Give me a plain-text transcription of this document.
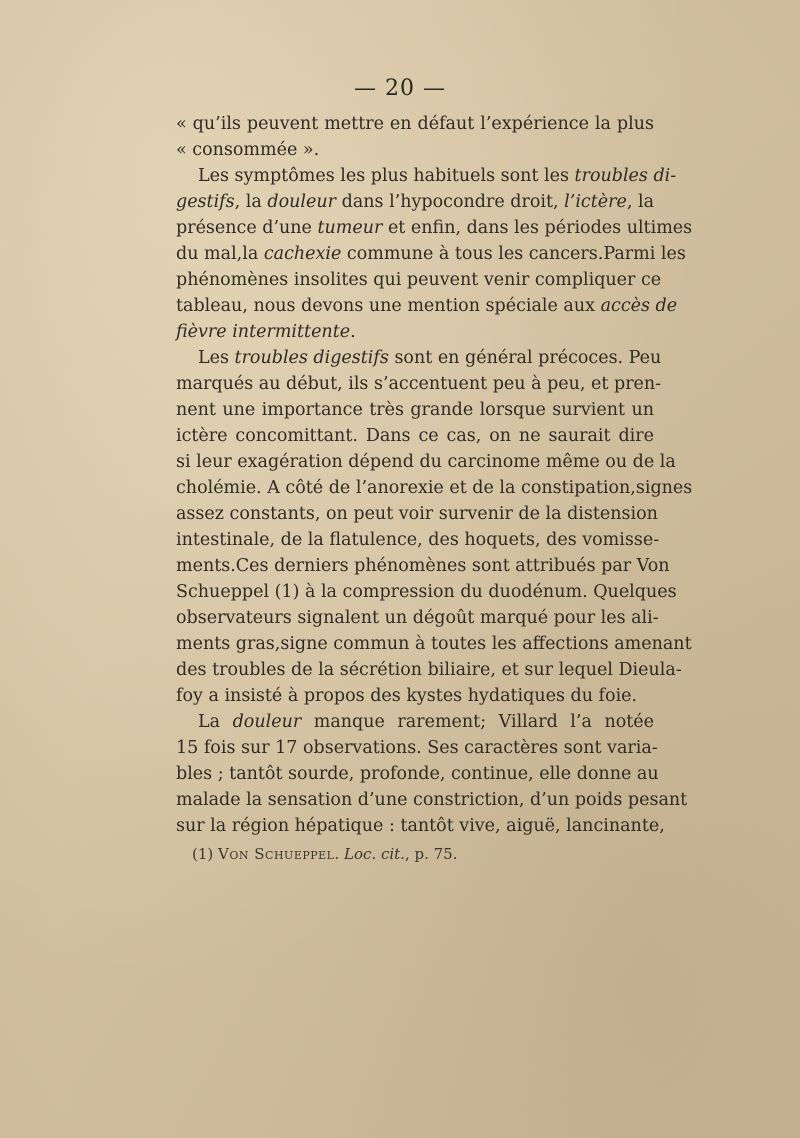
— 20 —
« qu’ils peuvent mettre en défaut l’expérience la plus
« consommée ».
Les symptômes les plus habituels sont les troubles di-
gestifs, la douleur dans l’hypocondre droit, l’ictère, la
présence d’une tumeur et enfin, dans les périodes ultimes
du mal,la cachexie commune à tous les cancers.Parmi les
phénomènes insolites qui peuvent venir compliquer ce
tableau, nous devons une mention spéciale aux accès de
fièvre intermittente.
Les troubles digestifs sont en général précoces. Peu
marqués au début, ils s’accentuent peu à peu, et pren-
nent une importance très grande lorsque survient un
ictère concomittant. Dans ce cas, on ne saurait dire
si leur exagération dépend du carcinome même ou de la
cholémie. A côté de l’anorexie et de la constipation,signes
assez constants, on peut voir survenir de la distension
intestinale, de la flatulence, des hoquets, des vomisse-
ments.Ces derniers phénomènes sont attribués par Von
Schueppel (1) à la compression du duodénum. Quelques
observateurs signalent un dégoût marqué pour les ali-
ments gras,signe commun à toutes les affections amenant
des troubles de la sécrétion biliaire, et sur lequel Dieula-
foy a insisté à propos des kystes hydatiques du foie.
La douleur manque rarement; Villard l’a notée
15 fois sur 17 observations. Ses caractères sont varia-
bles ; tantôt sourde, profonde, continue, elle donne au
malade la sensation d’une constriction, d’un poids pesant
sur la région hépatique : tantôt vive, aiguë, lancinante,
(1) Von Schueppel. Loc. cit., p. 75.
